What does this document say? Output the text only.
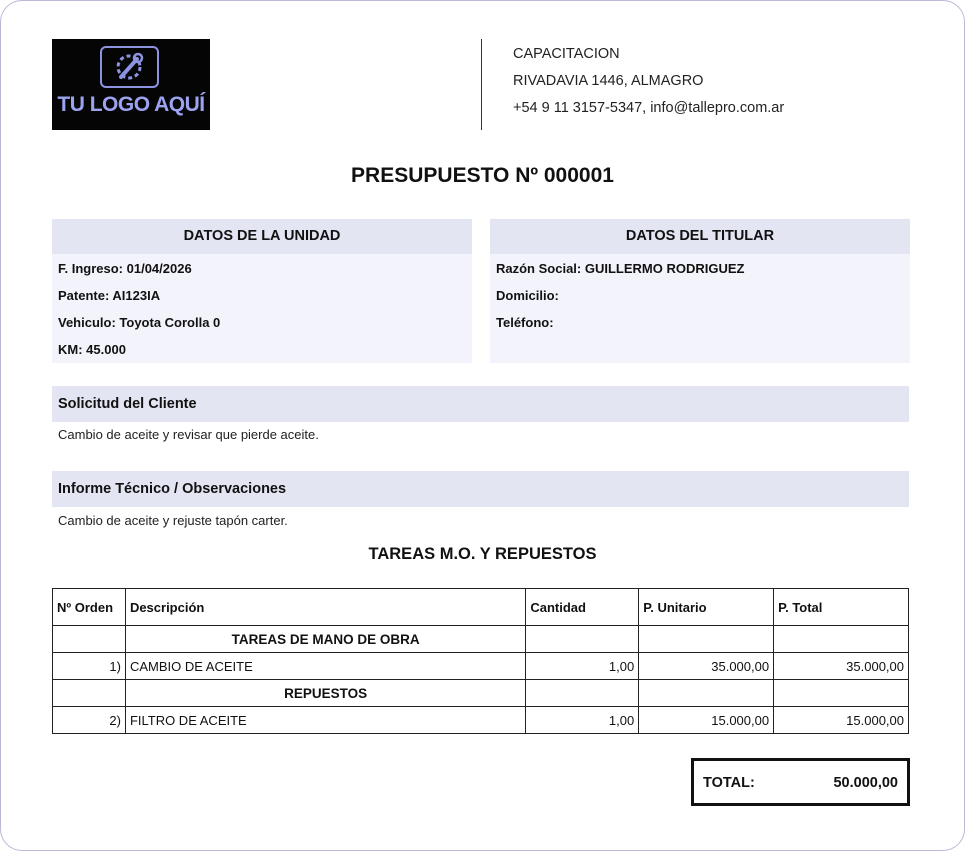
TU LOGO AQUÍ
CAPACITACION
RIVADAVIA 1446, ALMAGRO
+54 9 11 3157-5347, info@tallepro.com.ar
PRESUPUESTO Nº 000001
DATOS DE LA UNIDAD
F. Ingreso: 01/04/2026
Patente: AI123IA
Vehiculo: Toyota Corolla 0
KM: 45.000
DATOS DEL TITULAR
Razón Social: GUILLERMO RODRIGUEZ
Domicilio:
Teléfono:
Solicitud del Cliente
Cambio de aceite y revisar que pierde aceite.
Informe Técnico / Observaciones
Cambio de aceite y rejuste tapón carter.
TAREAS M.O. Y REPUESTOS
Nº Orden	Descripción	Cantidad	P. Unitario	P. Total
	TAREAS DE MANO DE OBRA			
1)	CAMBIO DE ACEITE	1,00	35.000,00	35.000,00
	REPUESTOS			
2)	FILTRO DE ACEITE	1,00	15.000,00	15.000,00
TOTAL:	50.000,00
